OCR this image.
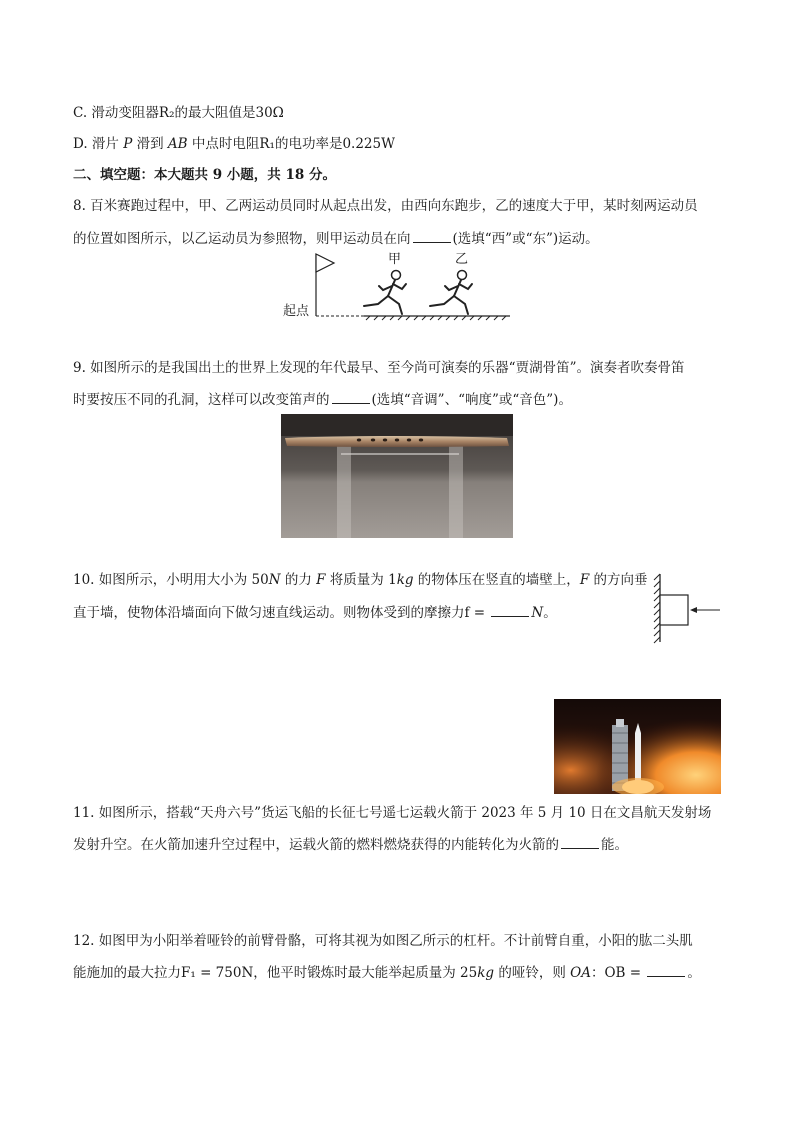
C. 滑动变阻器R₂的最大阻值是30Ω
D. 滑片 P 滑到 AB 中点时电阻R₁的电功率是0.225W
二、填空题：本大题共 9 小题，共 18 分。
8. 百米赛跑过程中，甲、乙两运动员同时从起点出发，由西向东跑步，乙的速度大于甲，某时刻两运动员
的位置如图所示，以乙运动员为参照物，则甲运动员在向	(选填“西”或“东”)运动。
甲	乙
起点
9. 如图所示的是我国出土的世界上发现的年代最早、至今尚可演奏的乐器“贾湖骨笛”。演奏者吹奏骨笛
时要按压不同的孔洞，这样可以改变笛声的	(选填“音调”、“响度”或“音色”)。
10. 如图所示，小明用大小为 50N 的力 F 将质量为 1kg 的物体压在竖直的墙壁上，F 的方向垂
直于墙，使物体沿墙面向下做匀速直线运动。则物体受到的摩擦力f =	N。
11. 如图所示，搭载“天舟六号”货运飞船的长征七号遥七运载火箭于 2023 年 5 月 10 日在文昌航天发射场
发射升空。在火箭加速升空过程中，运载火箭的燃料燃烧获得的内能转化为火箭的	能。
12. 如图甲为小阳举着哑铃的前臂骨骼，可将其视为如图乙所示的杠杆。不计前臂自重，小阳的肱二头肌
能施加的最大拉力F₁ = 750N，他平时锻炼时最大能举起质量为 25kg 的哑铃，则 OA：OB =	。
